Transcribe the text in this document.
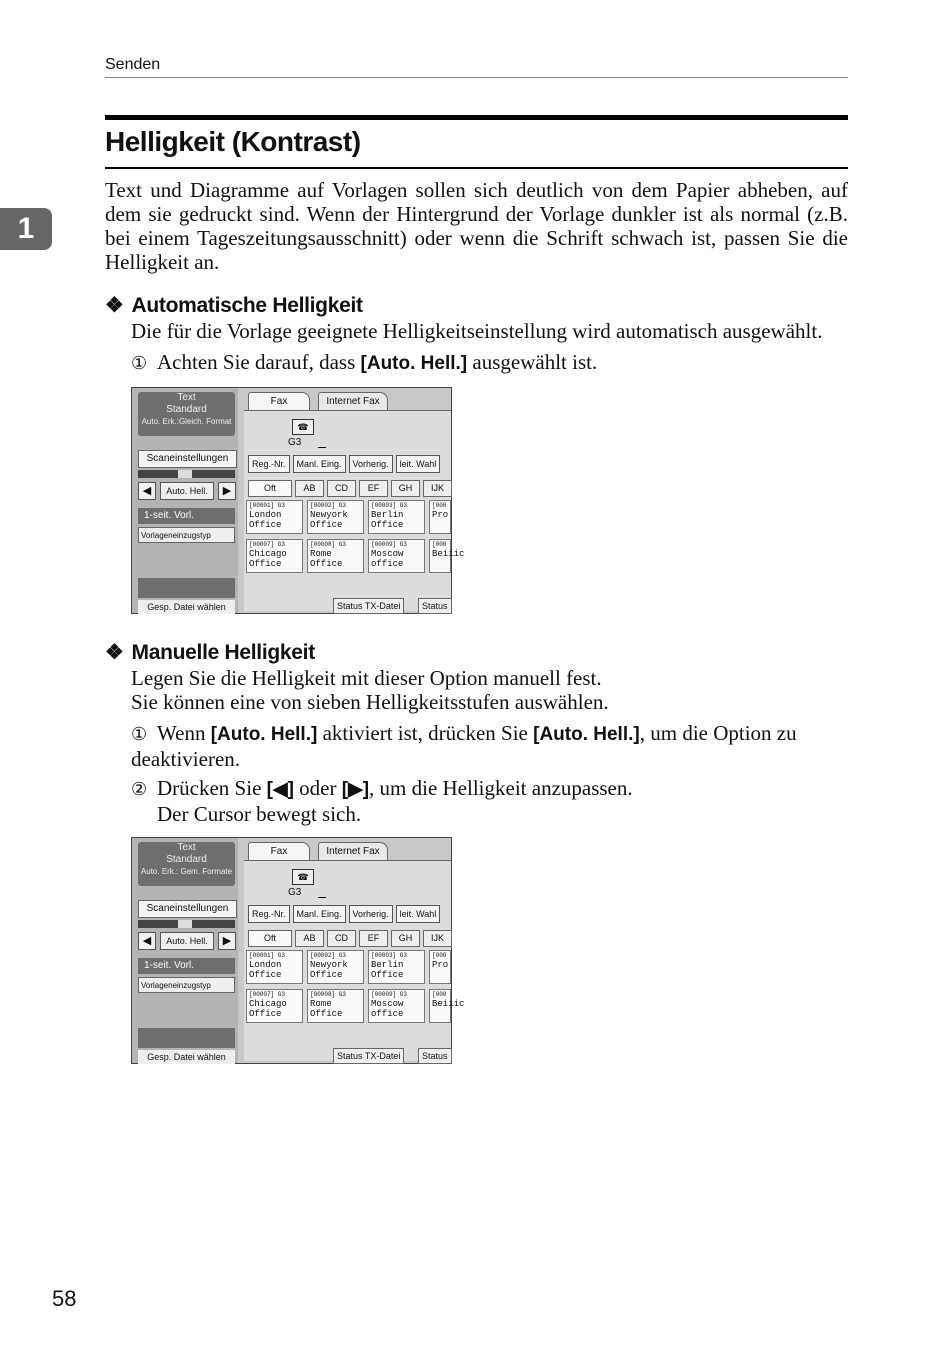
Senden
Helligkeit (Kontrast)
1
Text und Diagramme auf Vorlagen sollen sich deutlich von dem Papier abheben, auf dem sie gedruckt sind. Wenn der Hintergrund der Vorlage dunkler ist als normal (z.B. bei einem Tageszeitungsausschnitt) oder wenn die Schrift schwach ist, passen Sie die Helligkeit an.
❖ Automatische Helligkeit
Die für die Vorlage geeignete Helligkeitseinstellung wird automatisch ausgewählt.
① Achten Sie darauf, dass [Auto. Hell.] ausgewählt ist.
Text
Standard
Auto. Erk.:Gleich. Format
Scaneinstellungen
◀	Auto. Hell.	▶
1-seit. Vorl.
Vorlageneinzugstyp
Gesp. Datei wählen
Fax	Internet Fax
☎
G3
Reg.-Nr. Manl. Eing. Vorherig. leit. Wahl
Oft	AB CD EF GH IJK
[00001] G3
London Office
[00002] G3
Newyork Office
[00003] G3
Berlin Office
[000
Pro
[00007] G3
Chicago Office
[00008] G3
Rome Office
[00009] G3
Moscow office
[000
Beiiic
Status TX-Datei	Status
❖ Manuelle Helligkeit
Legen Sie die Helligkeit mit dieser Option manuell fest.
Sie können eine von sieben Helligkeitsstufen auswählen.
① Wenn [Auto. Hell.] aktiviert ist, drücken Sie [Auto. Hell.], um die Option zu deaktivieren.
② Drücken Sie [◀] oder [▶], um die Helligkeit anzupassen.
Der Cursor bewegt sich.
Text
Standard
Auto. Erk.: Gem. Formate
Scaneinstellungen
◀	Auto. Hell.	▶
1-seit. Vorl.
Vorlageneinzugstyp
Gesp. Datei wählen
Fax	Internet Fax
☎
G3
Reg.-Nr. Manl. Eing. Vorherig. leit. Wahl
Oft	AB CD EF GH IJK
[00001] G3
London Office
[00002] G3
Newyork Office
[00003] G3
Berlin Office
[000
Pro
[00007] G3
Chicago Office
[00008] G3
Rome Office
[00009] G3
Moscow office
[000
Beiiic
Status TX-Datei	Status
58
